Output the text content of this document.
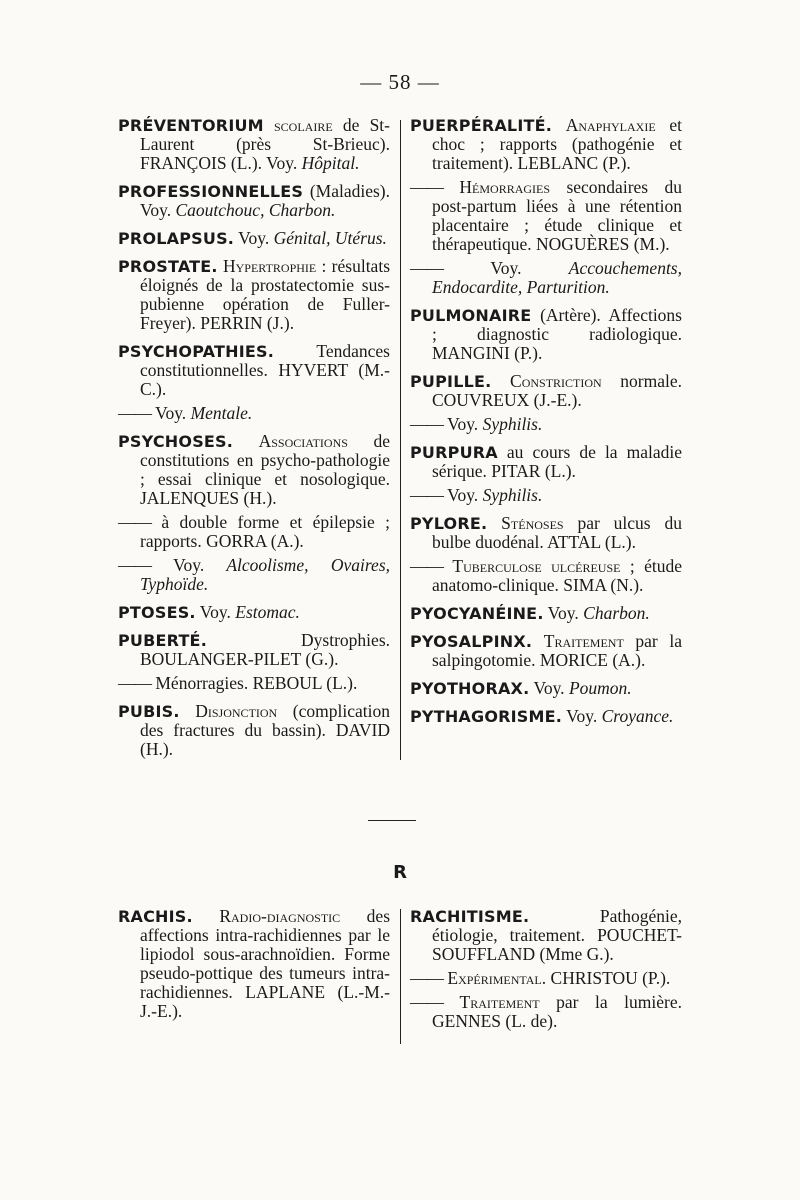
— 58 —

PRÉVENTORIUM scolaire de St-Laurent (près St-Brieuc). FRANÇOIS (L.). Voy. Hôpital.

PROFESSIONNELLES (Maladies). Voy. Caoutchouc, Charbon.

PROLAPSUS. Voy. Génital, Utérus.

PROSTATE. Hypertrophie : résultats éloignés de la prostatectomie sus-pubienne opération de Fuller-Freyer). PERRIN (J.).

PSYCHOPATHIES. Tendances constitutionnelles. HYVERT (M.-C.).

—— Voy. Mentale.

PSYCHOSES. Associations de constitutions en psycho-pathologie ; essai clinique et nosologique. JALENQUES (H.).

—— à double forme et épilepsie ; rapports. GORRA (A.).

—— Voy. Alcoolisme, Ovaires, Typhoïde.

PTOSES. Voy. Estomac.

PUBERTÉ.	Dystrophies. BOULANGER-PILET (G.).

—— Ménorragies. REBOUL (L.).

PUBIS. Disjonction (complication des fractures du bassin). DAVID (H.).

PUERPÉRALITÉ. Anaphylaxie et choc ; rapports (pathogénie et traitement). LEBLANC (P.).

—— Hémorragies secondaires du post-partum liées à une rétention placentaire ; étude clinique et thérapeutique. NOGUÈRES (M.).

——	Voy. Accouchements, Endocardite, Parturition.

PULMONAIRE (Artère). Affections ; diagnostic radiologique. MANGINI (P.).

PUPILLE. Constriction normale. COUVREUX (J.-E.).

—— Voy. Syphilis.

PURPURA au cours de la maladie sérique. PITAR (L.).

—— Voy. Syphilis.

PYLORE. Sténoses par ulcus du bulbe duodénal. ATTAL (L.).

—— Tuberculose ulcéreuse ; étude anatomo-clinique. SIMA (N.).

PYOCYANÉINE. Voy. Charbon.

PYOSALPINX. Traitement par la salpingotomie. MORICE (A.).

PYOTHORAX. Voy. Poumon.

PYTHAGORISME. Voy. Croyance.

R

RACHIS. Radio-diagnostic des affections intra-rachidiennes par le lipiodol sous-arachnoïdien. Forme pseudo-pottique des tumeurs intra-rachidiennes. LAPLANE (L.-M.-J.-E.).

RACHITISME.	Pathogénie, étiologie, traitement. POUCHET-SOUFFLAND (Mme G.).

—— Expérimental. CHRISTOU (P.).

—— Traitement par la lumière. GENNES (L. de).
